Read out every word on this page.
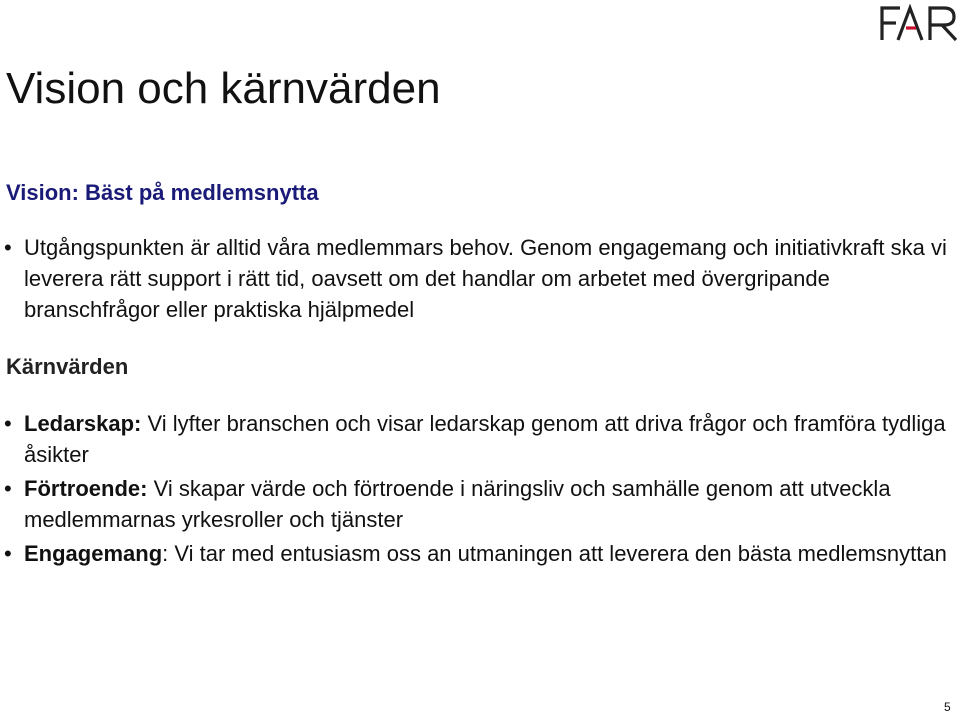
Vision och kärnvärden
Vision: Bäst på medlemsnytta
• Utgångspunkten är alltid våra medlemmars behov. Genom engagemang och initiativkraft ska vi leverera rätt support i rätt tid, oavsett om det handlar om arbetet med övergripande branschfrågor eller praktiska hjälpmedel
Kärnvärden
• Ledarskap: Vi lyfter branschen och visar ledarskap genom att driva frågor och framföra tydliga åsikter
• Förtroende: Vi skapar värde och förtroende i näringsliv och samhälle genom att utveckla medlemmarnas yrkesroller och tjänster
• Engagemang: Vi tar med entusiasm oss an utmaningen att leverera den bästa medlemsnyttan
5
